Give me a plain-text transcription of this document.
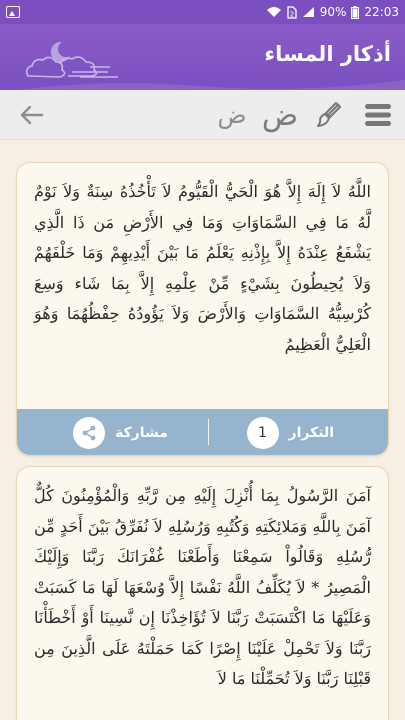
2 90% 22:03
أذكار المساء
ض ض
اللَّهُ لاَ إِلَهَ إِلاَّ هُوَ الْحَيُّ الْقَيُّومُ لاَ تَأْخُذُهُ سِنَةٌ وَلاَ نَوْمٌ لَّهُ مَا فِي السَّمَاوَاتِ وَمَا فِي الأَرْضِ مَن ذَا الَّذِي يَشْفَعُ عِنْدَهُ إِلاَّ بِإِذْنِهِ يَعْلَمُ مَا بَيْنَ أَيْدِيهِمْ وَمَا خَلْفَهُمْ وَلاَ يُحِيطُونَ بِشَيْءٍ مِّنْ عِلْمِهِ إِلاَّ بِمَا شَاء وَسِعَ كُرْسِيُّهُ السَّمَاوَاتِ وَالأَرْضَ وَلاَ يَؤُودُهُ حِفْظُهُمَا وَهُوَ الْعَلِيُّ الْعَظِيمُ
مشاركة	1	التكرار
آمَنَ الرَّسُولُ بِمَا أُنْزِلَ إِلَيْهِ مِن رَّبِّهِ وَالْمُؤْمِنُونَ كُلٌّ آمَنَ بِاللَّهِ وَمَلائِكَتِهِ وَكُتُبِهِ وَرُسُلِهِ لاَ نُفَرِّقُ بَيْنَ أَحَدٍ مِّن رُّسُلِهِ وَقَالُواْ سَمِعْنَا وَأَطَعْنَا غُفْرَانَكَ رَبَّنَا وَإِلَيْكَ الْمَصِيرُ * لاَ يُكَلِّفُ اللَّهُ نَفْسًا إِلاَّ وُسْعَهَا لَهَا مَا كَسَبَتْ وَعَلَيْهَا مَا اكْتَسَبَتْ رَبَّنَا لاَ تُؤَاخِذْنَا إِن نَّسِينَا أَوْ أَخْطَأْنَا رَبَّنَا وَلاَ تَحْمِلْ عَلَيْنَا إِصْرًا كَمَا حَمَلْتَهُ عَلَى الَّذِينَ مِن قَبْلِنَا رَبَّنَا وَلاَ تُحَمِّلْنَا مَا لاَ
